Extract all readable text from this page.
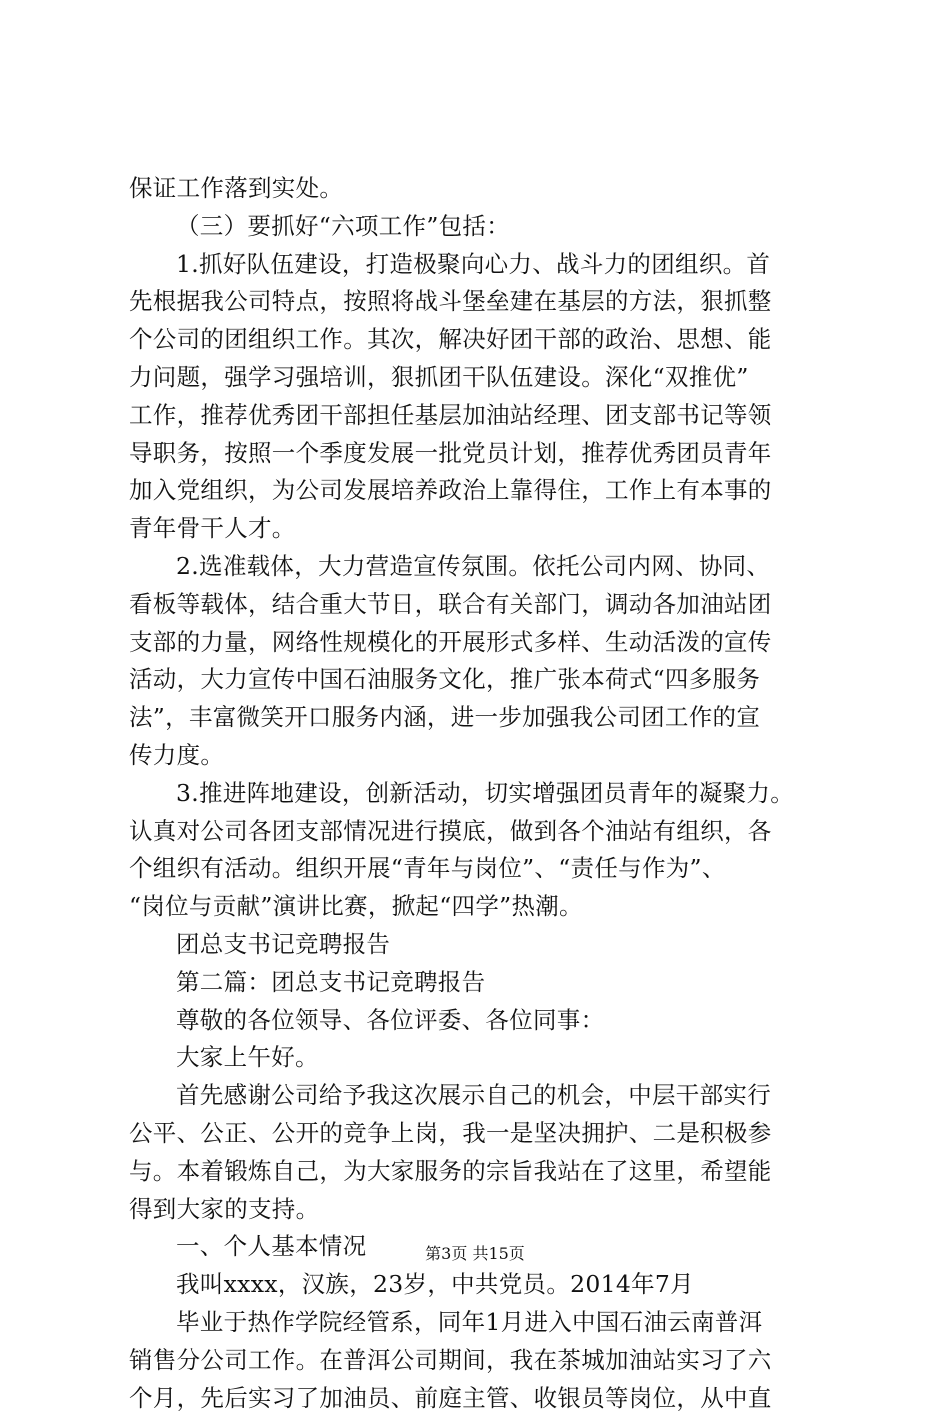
保证工作落到实处。
（三）要抓好“六项工作”包括：
1.抓好队伍建设，打造极聚向心力、战斗力的团组织。首
先根据我公司特点，按照将战斗堡垒建在基层的方法，狠抓整
个公司的团组织工作。其次，解决好团干部的政治、思想、能
力问题，强学习强培训，狠抓团干队伍建设。深化“双推优”
工作，推荐优秀团干部担任基层加油站经理、团支部书记等领
导职务，按照一个季度发展一批党员计划，推荐优秀团员青年
加入党组织，为公司发展培养政治上靠得住，工作上有本事的
青年骨干人才。
2.选准载体，大力营造宣传氛围。依托公司内网、协同、
看板等载体，结合重大节日，联合有关部门，调动各加油站团
支部的力量，网络性规模化的开展形式多样、生动活泼的宣传
活动，大力宣传中国石油服务文化，推广张本荷式“四多服务
法”，丰富微笑开口服务内涵，进一步加强我公司团工作的宣
传力度。
3.推进阵地建设，创新活动，切实增强团员青年的凝聚力。
认真对公司各团支部情况进行摸底，做到各个油站有组织，各
个组织有活动。组织开展“青年与岗位”、“责任与作为”、
“岗位与贡献”演讲比赛，掀起“四学”热潮。
团总支书记竞聘报告
第二篇：团总支书记竞聘报告
尊敬的各位领导、各位评委、各位同事：
大家上午好。
首先感谢公司给予我这次展示自己的机会，中层干部实行
公平、公正、公开的竞争上岗，我一是坚决拥护、二是积极参
与。本着锻炼自己，为大家服务的宗旨我站在了这里，希望能
得到大家的支持。
一、个人基本情况
我叫xxxx，汉族，23岁，中共党员。2014年7月
毕业于热作学院经管系，同年1月进入中国石油云南普洱
销售分公司工作。在普洱公司期间，我在茶城加油站实习了六
个月，先后实习了加油员、前庭主管、收银员等岗位，从中直
第3页 共15页
